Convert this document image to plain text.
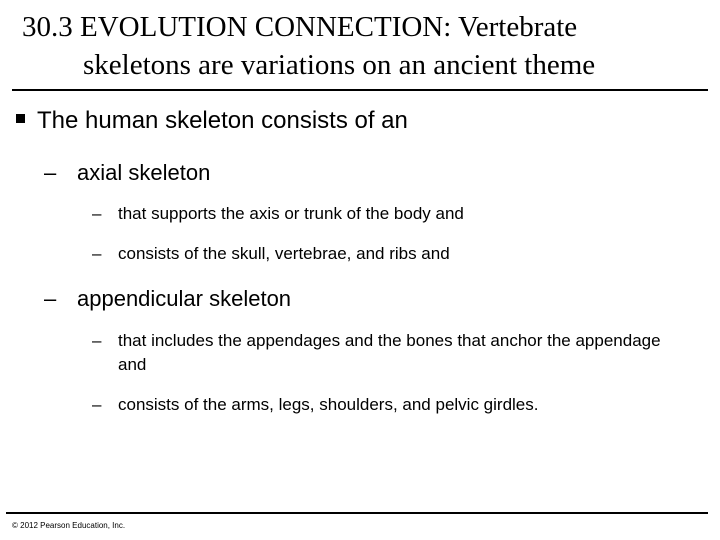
30.3 EVOLUTION CONNECTION: Vertebrate
skeletons are variations on an ancient theme
The human skeleton consists of an
– axial skeleton
– that supports the axis or trunk of the body and
– consists of the skull, vertebrae, and ribs and
– appendicular skeleton
– that includes the appendages and the bones that anchor the appendage and
– consists of the arms, legs, shoulders, and pelvic girdles.
© 2012 Pearson Education, Inc.
